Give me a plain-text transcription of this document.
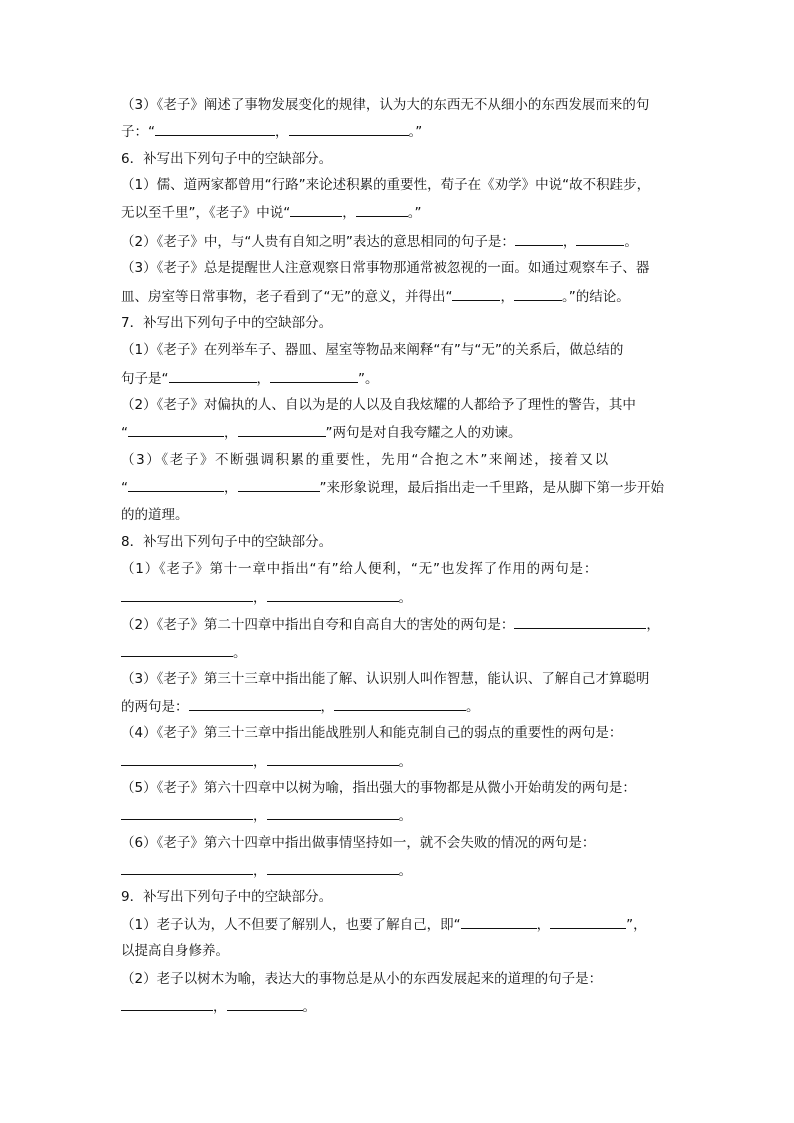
（3）《老子》阐述了事物发展变化的规律，认为大的东西无不从细小的东西发展而来的句
子：“	，	。”
6．补写出下列句子中的空缺部分。
（1）儒、道两家都曾用“行路”来论述积累的重要性，荀子在《劝学》中说“故不积跬步，
无以至千里”，《老子》中说“	，	。”
（2）《老子》中，与“人贵有自知之明”表达的意思相同的句子是：	，	。
（3）《老子》总是提醒世人注意观察日常事物那通常被忽视的一面。如通过观察车子、器
皿、房室等日常事物，老子看到了“无”的意义，并得出“	，	。”的结论。
7．补写出下列句子中的空缺部分。
（1）《老子》在列举车子、器皿、屋室等物品来阐释“有”与“无”的关系后，做总结的
句子是“	，	”。
（2）《老子》对偏执的人、自以为是的人以及自我炫耀的人都给予了理性的警告，其中
“	，	”两句是对自我夸耀之人的劝谏。
（3）《老子》不断强调积累的重要性，先用“合抱之木”来阐述，接着又以
“	，	”来形象说理，最后指出走一千里路，是从脚下第一步开始
的的道理。
8．补写出下列句子中的空缺部分。
（1）《老子》第十一章中指出“有”给人便利，“无”也发挥了作用的两句是：
，	。
（2）《老子》第二十四章中指出自夸和自高自大的害处的两句是：	，
。
（3）《老子》第三十三章中指出能了解、认识别人叫作智慧，能认识、了解自己才算聪明
的两句是：	，	。
（4）《老子》第三十三章中指出能战胜别人和能克制自己的弱点的重要性的两句是：
，	。
（5）《老子》第六十四章中以树为喻，指出强大的事物都是从微小开始萌发的两句是：
，	。
（6）《老子》第六十四章中指出做事情坚持如一，就不会失败的情况的两句是：
，	。
9．补写出下列句子中的空缺部分。
（1）老子认为，人不但要了解别人，也要了解自己，即“	，	”，
以提高自身修养。
（2）老子以树木为喻，表达大的事物总是从小的东西发展起来的道理的句子是：
，	。
